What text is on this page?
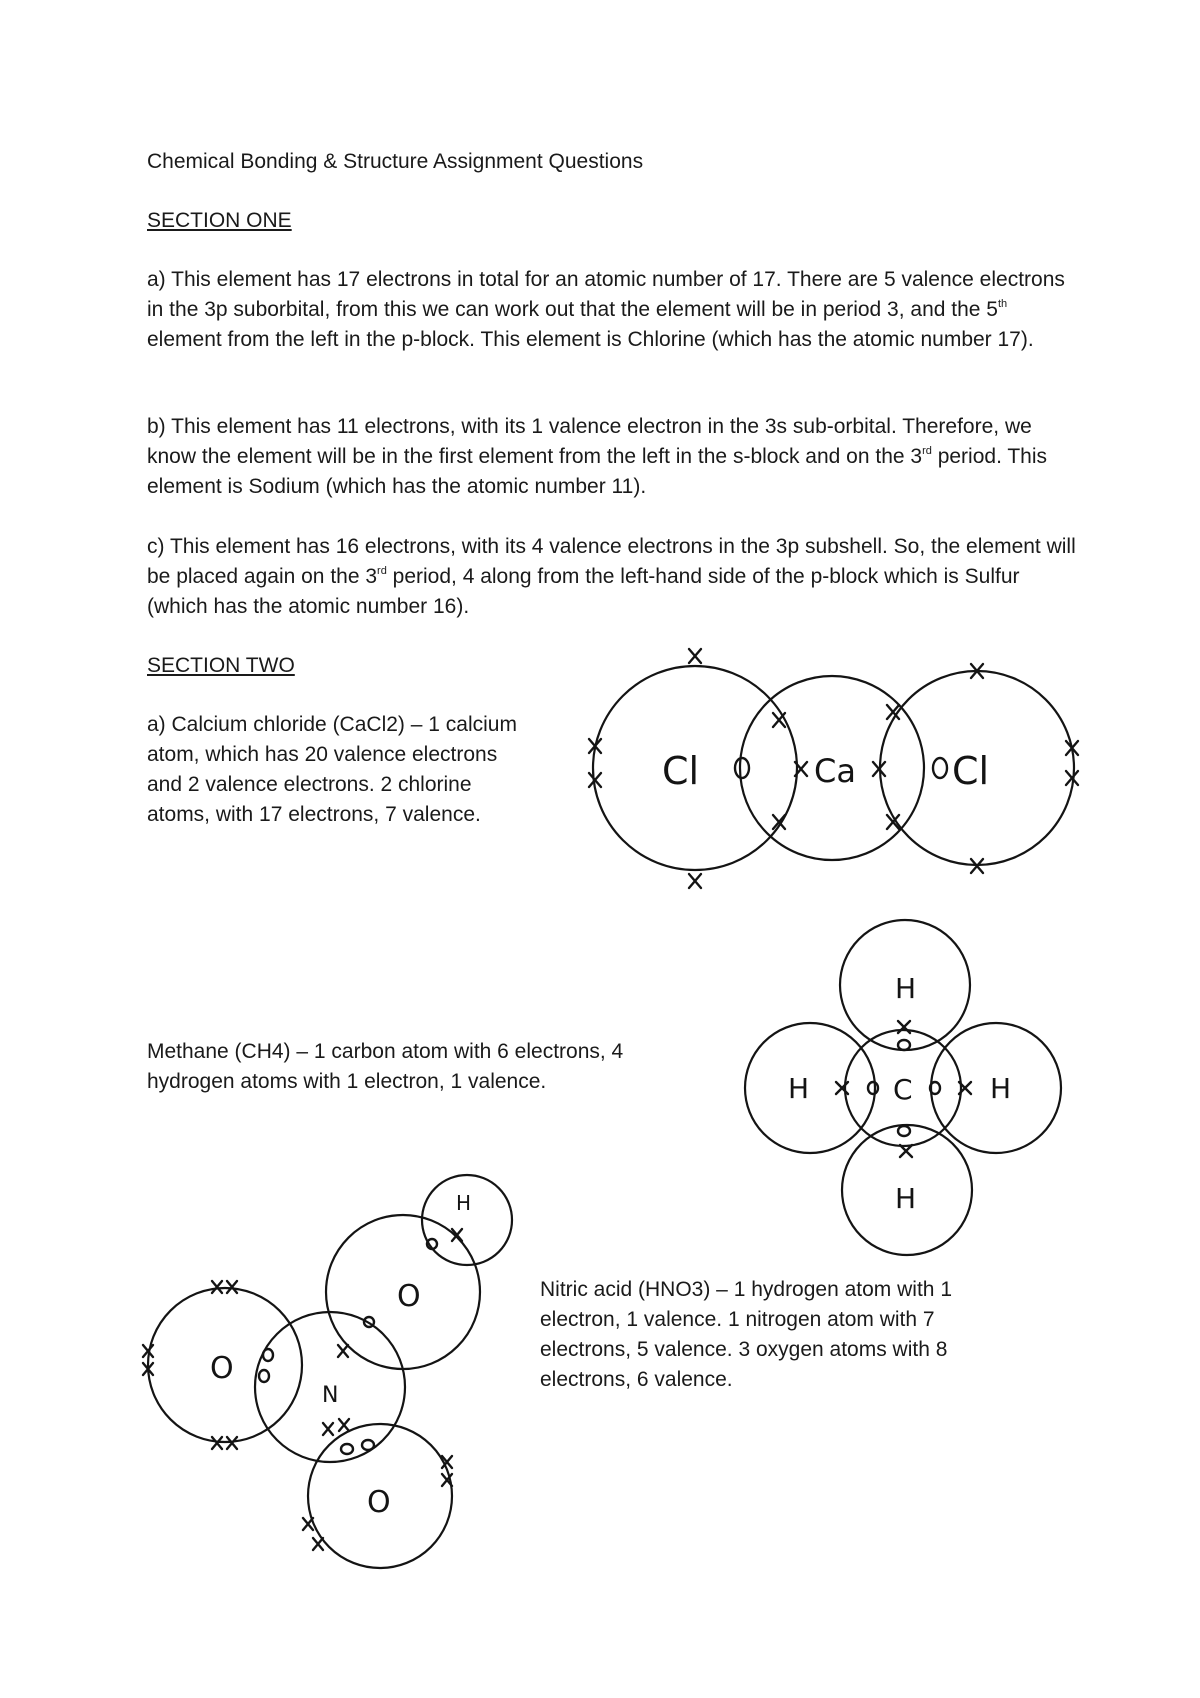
Chemical Bonding & Structure Assignment Questions

SECTION ONE

a) This element has 17 electrons in total for an atomic number of 17. There are 5 valence electrons in the 3p suborbital, from this we can work out that the element will be in period 3, and the 5th element from the left in the p-block. This element is Chlorine (which has the atomic number 17).

b) This element has 11 electrons, with its 1 valence electron in the 3s sub-orbital. Therefore, we know the element will be in the first element from the left in the s-block and on the 3rd period. This element is Sodium (which has the atomic number 11).

c) This element has 16 electrons, with its 4 valence electrons in the 3p subshell. So, the element will be placed again on the 3rd period, 4 along from the left-hand side of the p-block which is Sulfur (which has the atomic number 16).

SECTION TWO

a) Calcium chloride (CaCl2) – 1 calcium atom, which has 20 valence electrons and 2 valence electrons. 2 chlorine atoms, with 17 electrons, 7 valence.

Methane (CH4) – 1 carbon atom with 6 electrons, 4 hydrogen atoms with 1 electron, 1 valence.

Nitric acid (HNO3) – 1 hydrogen atom with 1 electron, 1 valence. 1 nitrogen atom with 7 electrons, 5 valence. 3 oxygen atoms with 8 electrons, 6 valence.

Cl	Ca	Cl
H
H	C	H
H
O
N
O
O
H
